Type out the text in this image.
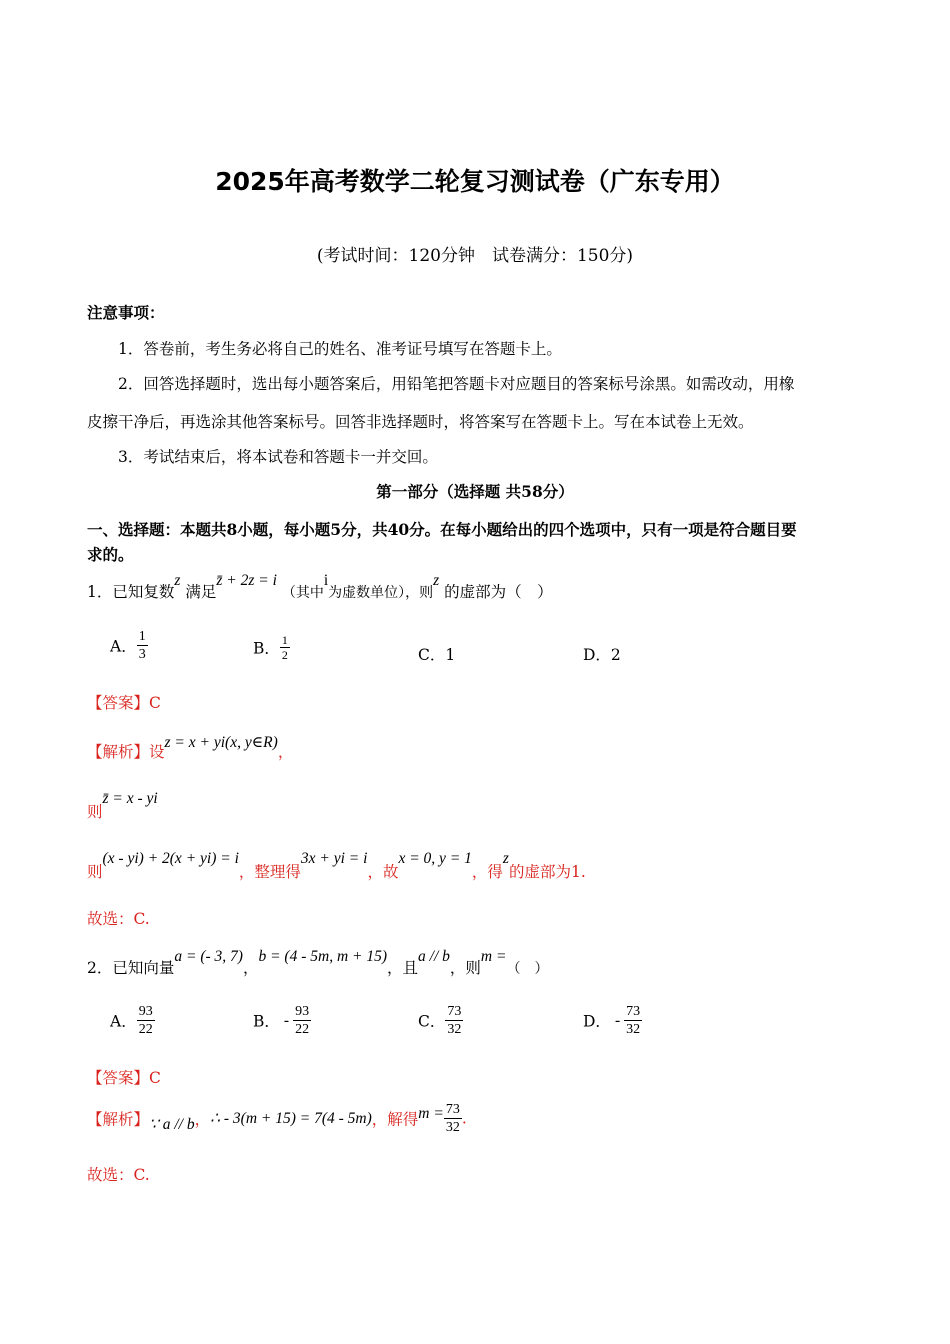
2025年高考数学二轮复习测试卷（广东专用）
(考试时间：120分钟　试卷满分：150分)
注意事项：
1．答卷前，考生务必将自己的姓名、准考证号填写在答题卡上。
2．回答选择题时，选出每小题答案后，用铅笔把答题卡对应题目的答案标号涂黑。如需改动，用橡
皮擦干净后，再选涂其他答案标号。回答非选择题时，将答案写在答题卡上。写在本试卷上无效。
3．考试结束后，将本试卷和答题卡一并交回。
第一部分（选择题 共58分）
一、选择题：本题共8小题，每小题5分，共40分。在每小题给出的四个选项中，只有一项是符合题目要
求的。
1．已知复数z 满足z̄ + 2z = i （其中i为虚数单位），则z 的虚部为（　）
A． $\frac{1}{3}$	B． $\frac{1}{2}$	C．1	D．2
【答案】C
【解析】设z = x + yi(x, y∈R)，
则z̄ = x - yi
则(x - yi) + 2(x + yi) = i，整理得3x + yi = i，故x = 0, y = 1，得z的虚部为1.
故选：C.
2．已知向量a = (- 3, 7)，b = (4 - 5m, m + 15)，且a // b，则m =（　）
A． $\frac{93}{22}$	B． - $\frac{93}{22}$	C． $\frac{73}{32}$	D． - $\frac{73}{32}$
【答案】C
【解析】∵ a // b，∴ - 3(m + 15) = 7(4 - 5m)，解得$m = \frac{73}{32}$ .
故选：C.
